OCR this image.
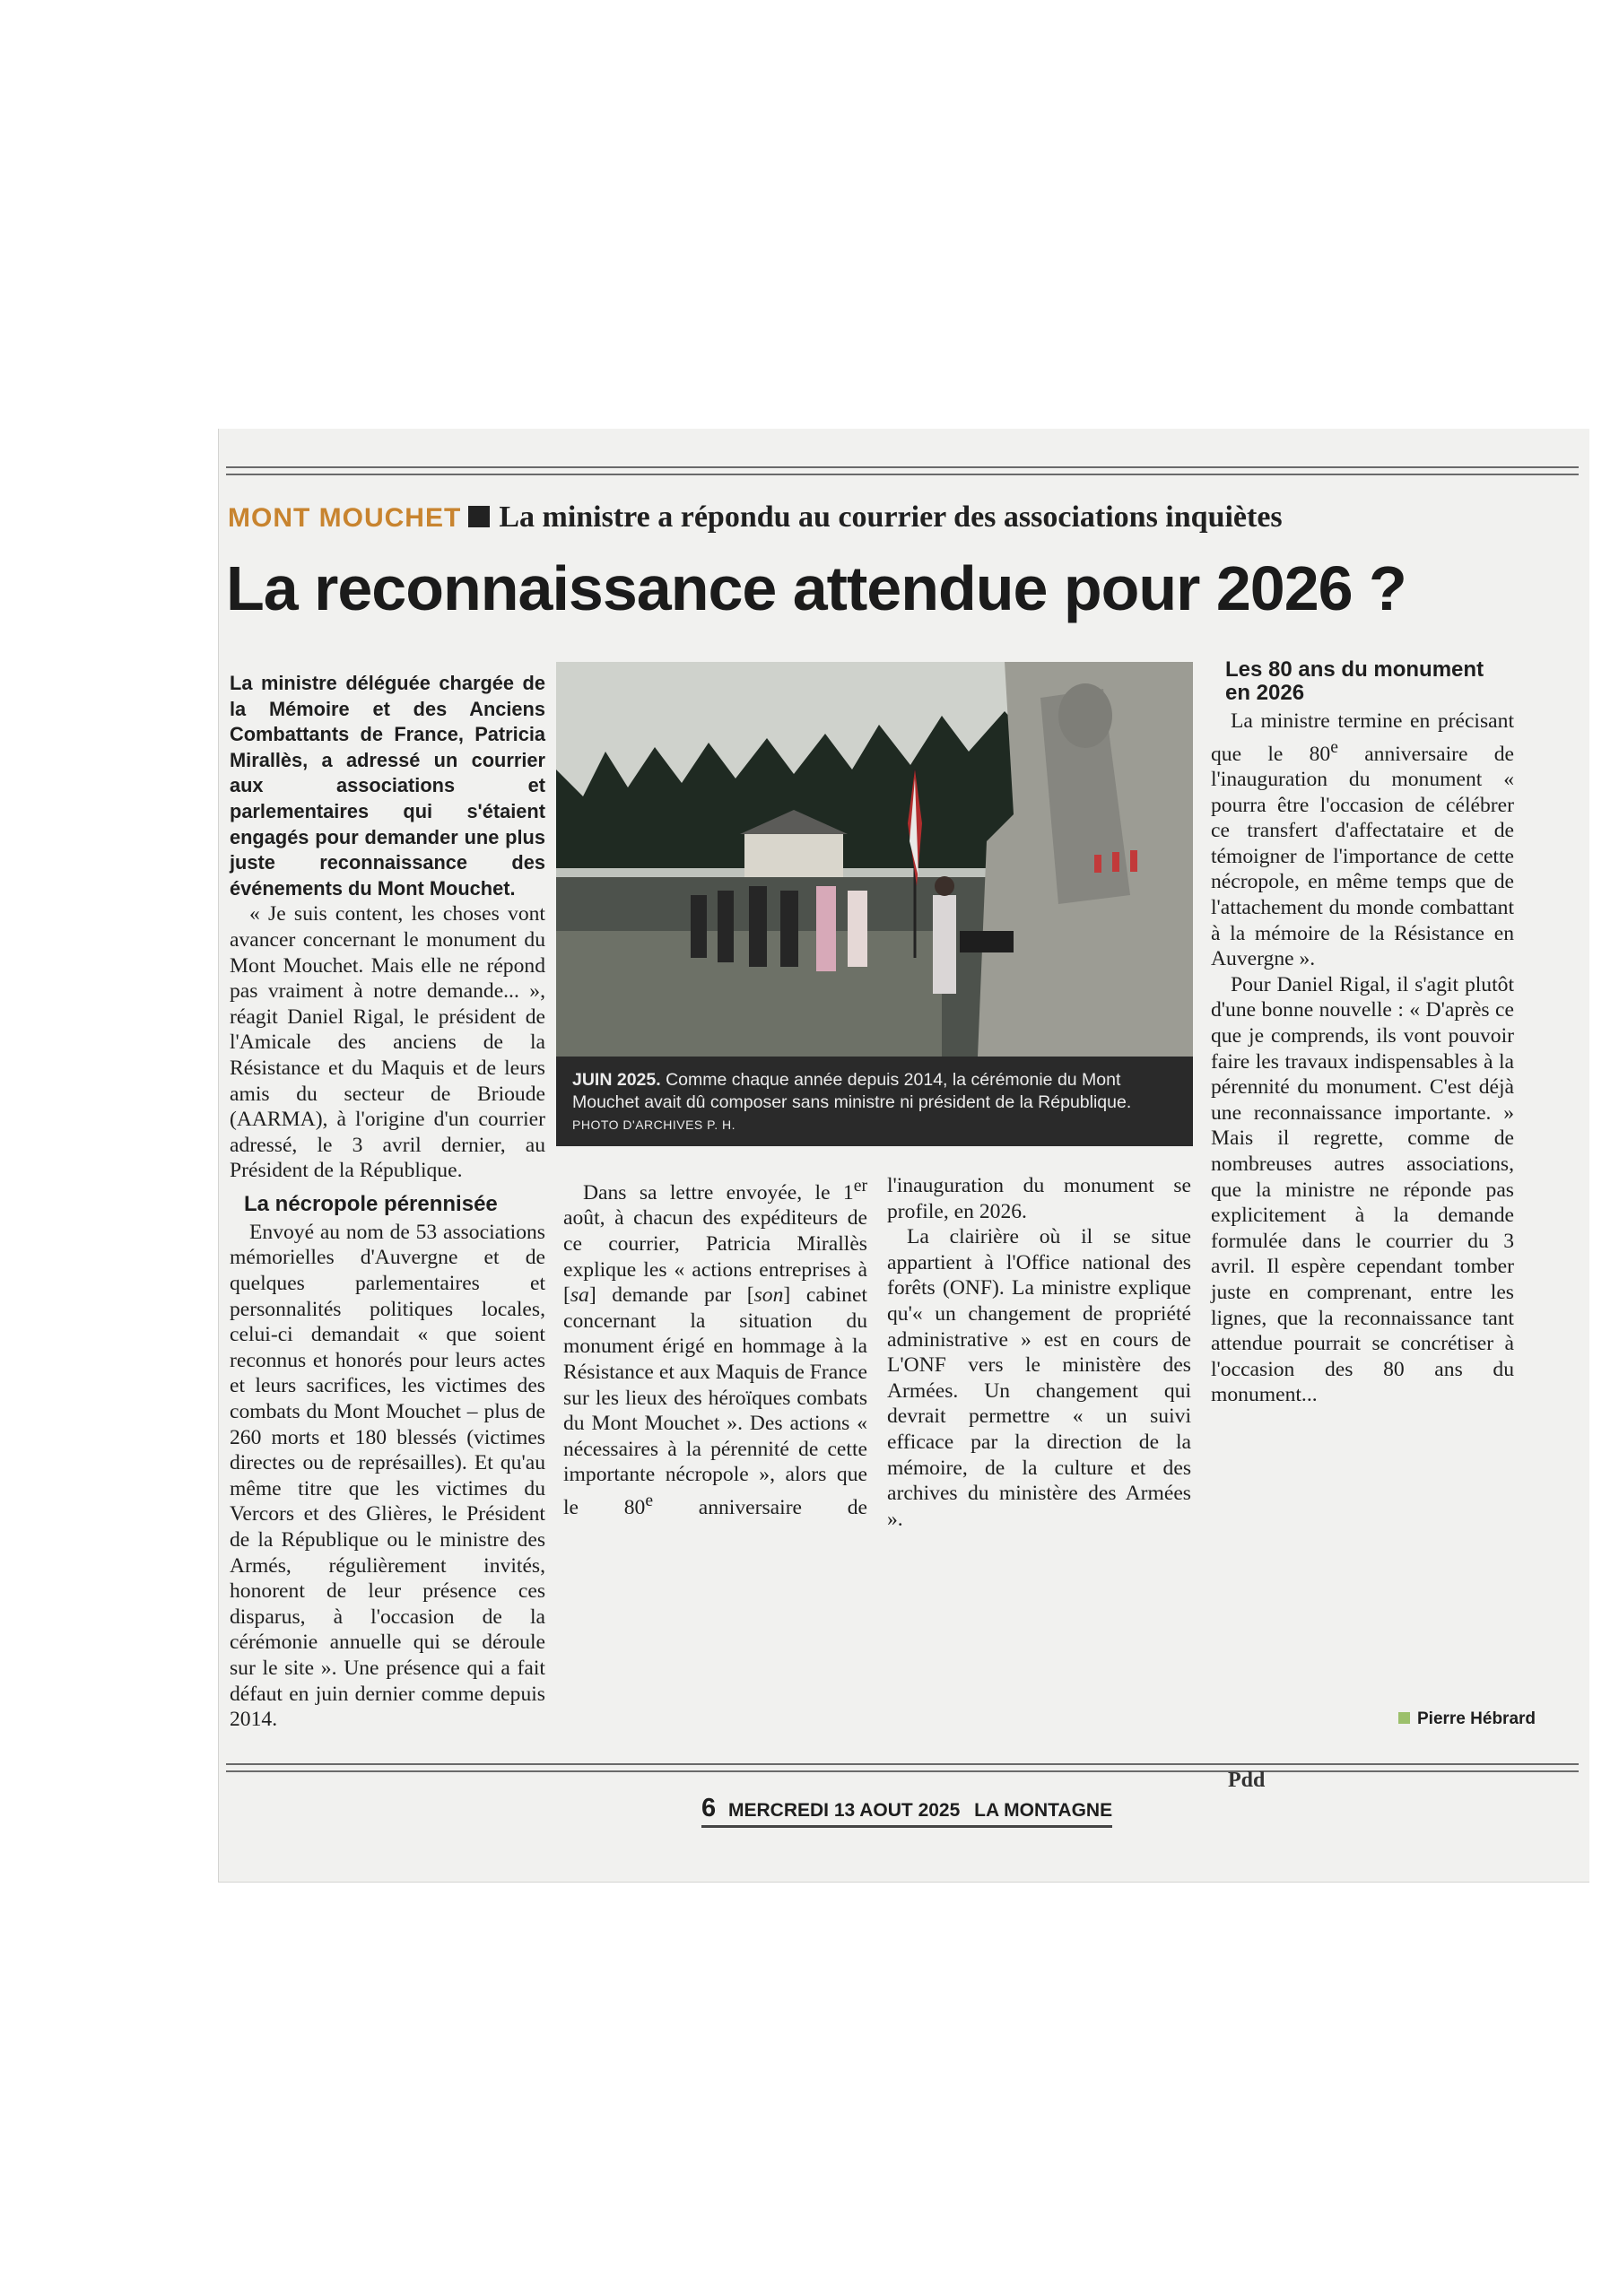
MONT MOUCHET La ministre a répondu au courrier des associations inquiètes
La reconnaissance attendue pour 2026 ?

La ministre déléguée chargée de la Mémoire et des Anciens Combattants de France, Patricia Mirallès, a adressé un courrier aux associations et parlementaires qui s'étaient engagés pour demander une plus juste reconnaissance des événements du Mont Mouchet.

« Je suis content, les choses vont avancer concernant le monument du Mont Mouchet. Mais elle ne répond pas vraiment à notre demande... », réagit Daniel Rigal, le président de l'Amicale des anciens de la Résistance et du Maquis et de leurs amis du secteur de Brioude (AARMA), à l'origine d'un courrier adressé, le 3 avril dernier, au Président de la République.

La nécropole pérennisée

Envoyé au nom de 53 associations mémorielles d'Auvergne et de quelques parlementaires et personnalités politiques locales, celui-ci demandait « que soient reconnus et honorés pour leurs actes et leurs sacrifices, les victimes des combats du Mont Mouchet – plus de 260 morts et 180 blessés (victimes directes ou de représailles). Et qu'au même titre que les victimes du Vercors et des Glières, le Président de la République ou le ministre des Armés, régulièrement invités, honorent de leur présence ces disparus, à l'occasion de la cérémonie annuelle qui se déroule sur le site ». Une présence qui a fait défaut en juin dernier comme depuis 2014.

JUIN 2025. Comme chaque année depuis 2014, la cérémonie du Mont Mouchet avait dû composer sans ministre ni président de la République. PHOTO D'ARCHIVES P. H.

Dans sa lettre envoyée, le 1er août, à chacun des expéditeurs de ce courrier, Patricia Mirallès explique les « actions entreprises à [sa] demande par [son] cabinet concernant la situation du monument érigé en hommage à la Résistance et aux Maquis de France sur les lieux des héroïques combats du Mont Mouchet ». Des actions « nécessaires à la pérennité de cette importante nécropole », alors que le 80e anniversaire de l'inauguration du monument se profile, en 2026.

La clairière où il se situe appartient à l'Office national des forêts (ONF). La ministre explique qu'« un changement de propriété administrative » est en cours de L'ONF vers le ministère des Armées. Un changement qui devrait permettre « un suivi efficace par la direction de la mémoire, de la culture et des archives du ministère des Armées ».

Les 80 ans du monument en 2026

La ministre termine en précisant que le 80e anniversaire de l'inauguration du monument « pourra être l'occasion de célébrer ce transfert d'affectataire et de témoigner de l'importance de cette nécropole, en même temps que de l'attachement du monde combattant à la mémoire de la Résistance en Auvergne ».

Pour Daniel Rigal, il s'agit plutôt d'une bonne nouvelle : « D'après ce que je comprends, ils vont pouvoir faire les travaux indispensables à la pérennité du monument. C'est déjà une reconnaissance importante. » Mais il regrette, comme de nombreuses autres associations, que la ministre ne réponde pas explicitement à la demande formulée dans le courrier du 3 avril. Il espère cependant tomber juste en comprenant, entre les lignes, que la reconnaissance tant attendue pourrait se concrétiser à l'occasion des 80 ans du monument...

Pierre Hébrard
6 MERCREDI 13 AOUT 2025 LA MONTAGNE
Pdd
